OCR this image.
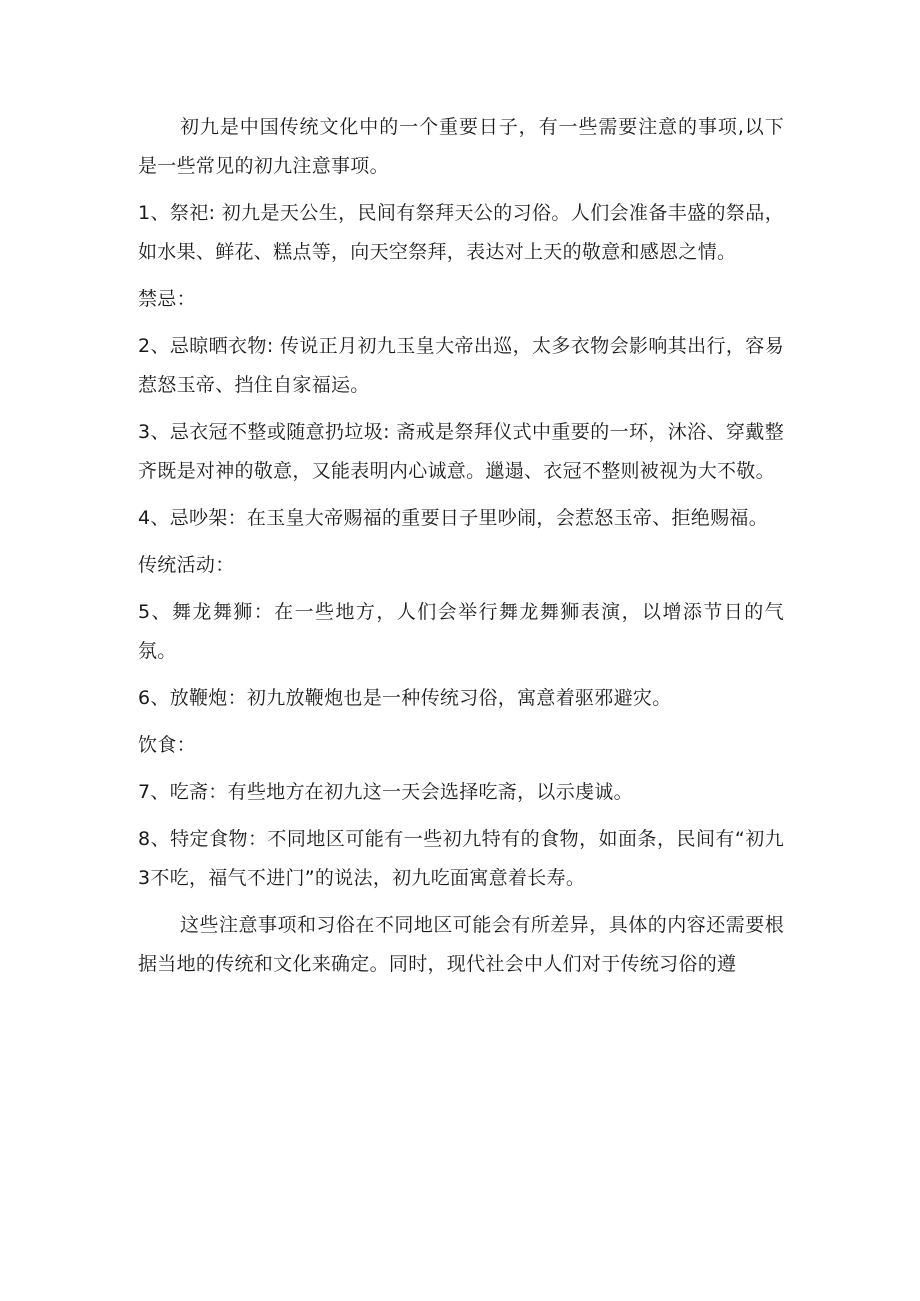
初九是中国传统文化中的一个重要日子，有一些需要注意的事项,以下是一些常见的初九注意事项。

1、祭祀: 初九是天公生，民间有祭拜天公的习俗。人们会准备丰盛的祭品，如水果、鲜花、糕点等，向天空祭拜，表达对上天的敬意和感恩之情。

禁忌：

2、忌晾晒衣物: 传说正月初九玉皇大帝出巡，太多衣物会影响其出行，容易惹怒玉帝、挡住自家福运。

3、忌衣冠不整或随意扔垃圾: 斋戒是祭拜仪式中重要的一环，沐浴、穿戴整齐既是对神的敬意，又能表明内心诚意。邋遢、衣冠不整则被视为大不敬。

4、忌吵架：在玉皇大帝赐福的重要日子里吵闹，会惹怒玉帝、拒绝赐福。

传统活动：

5、舞龙舞狮：在一些地方，人们会举行舞龙舞狮表演，以增添节日的气氛。

6、放鞭炮：初九放鞭炮也是一种传统习俗，寓意着驱邪避灾。

饮食：

7、吃斋：有些地方在初九这一天会选择吃斋，以示虔诚。

8、特定食物：不同地区可能有一些初九特有的食物，如面条，民间有“初九3不吃，福气不进门”的说法，初九吃面寓意着长寿。

这些注意事项和习俗在不同地区可能会有所差异，具体的内容还需要根据当地的传统和文化来确定。同时，现代社会中人们对于传统习俗的遵
